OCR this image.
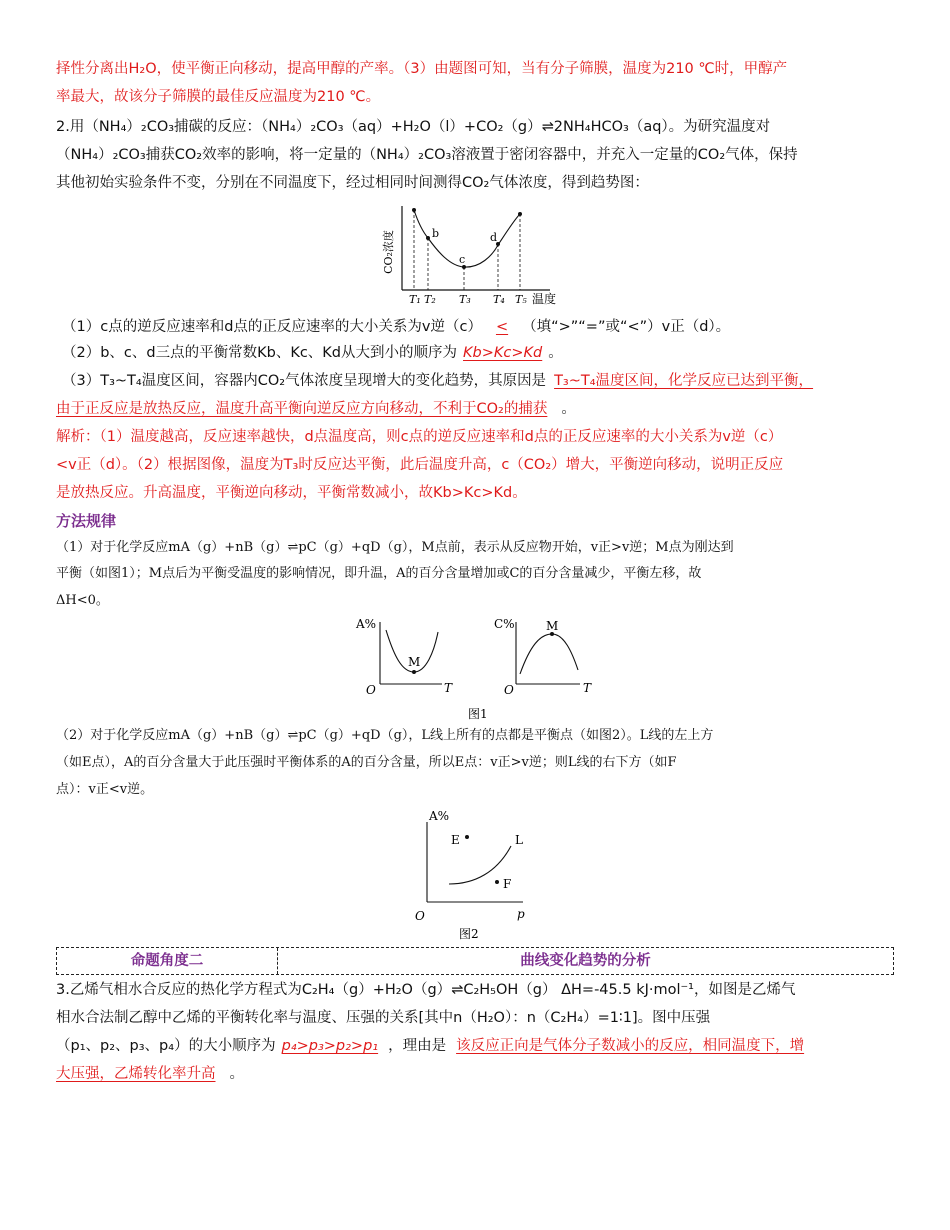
择性分离出H₂O，使平衡正向移动，提高甲醇的产率。（3）由题图可知，当有分子筛膜，温度为210 ℃时，甲醇产
率最大，故该分子筛膜的最佳反应温度为210 ℃。
2.用（NH₄）₂CO₃捕碳的反应：（NH₄）₂CO₃（aq）+H₂O（l）+CO₂（g）⇌2NH₄HCO₃（aq）。为研究温度对
（NH₄）₂CO₃捕获CO₂效率的影响，将一定量的（NH₄）₂CO₃溶液置于密闭容器中，并充入一定量的CO₂气体，保持
其他初始实验条件不变，分别在不同温度下，经过相同时间测得CO₂气体浓度，得到趋势图：
CO₂浓度	b
c
d
T₁ T₂ T₃ T₄ T₅ 温度
（1）c点的逆反应速率和d点的正反应速率的大小关系为v逆（c） < （填“>”“=”或“<”）v正（d）。
（2）b、c、d三点的平衡常数Kb、Kc、Kd从大到小的顺序为 Kb>Kc>Kd 。
（3）T₃~T₄温度区间，容器内CO₂气体浓度呈现增大的变化趋势，其原因是 T₃~T₄温度区间，化学反应已达到平衡，
由于正反应是放热反应，温度升高平衡向逆反应方向移动，不利于CO₂的捕获 。
解析：（1）温度越高，反应速率越快，d点温度高，则c点的逆反应速率和d点的正反应速率的大小关系为v逆（c）
<v正（d）。（2）根据图像，温度为T₃时反应达平衡，此后温度升高，c（CO₂）增大，平衡逆向移动，说明正反应
是放热反应。升高温度，平衡逆向移动，平衡常数减小，故Kb>Kc>Kd。
方法规律
（1）对于化学反应mA（g）+nB（g）⇌pC（g）+qD（g），M点前，表示从反应物开始，v正>v逆；M点为刚达到
平衡（如图1）；M点后为平衡受温度的影响情况，即升温，A的百分含量增加或C的百分含量减少，平衡左移，故
ΔH<0。
A%
M
O	T
C%	M
O	T
图1
（2）对于化学反应mA（g）+nB（g）⇌pC（g）+qD（g），L线上所有的点都是平衡点（如图2）。L线的左上方
（如E点），A的百分含量大于此压强时平衡体系的A的百分含量，所以E点：v正>v逆；则L线的右下方（如F
点）：v正<v逆。
A%
L
E
F
O	p
图2
命题角度二	曲线变化趋势的分析
3.乙烯气相水合反应的热化学方程式为C₂H₄（g）+H₂O（g）⇌C₂H₅OH（g） ΔH=-45.5 kJ·mol⁻¹，如图是乙烯气
相水合法制乙醇中乙烯的平衡转化率与温度、压强的关系[其中n（H₂O）：n（C₂H₄）=1∶1]。图中压强
（p₁、p₂、p₃、p₄）的大小顺序为 p₄>p₃>p₂>p₁ ，理由是 该反应正向是气体分子数减小的反应，相同温度下，增
大压强，乙烯转化率升高 。
